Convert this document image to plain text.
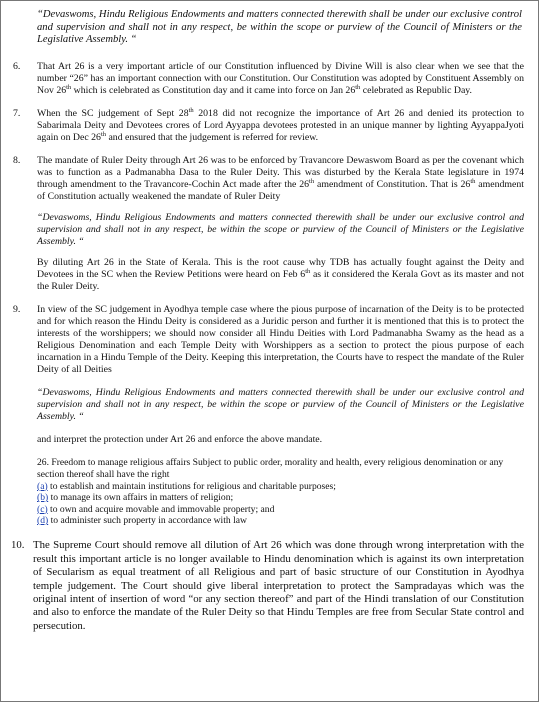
“Devaswoms, Hindu Religious Endowments and matters connected therewith shall be under our exclusive control and supervision and shall not in any respect, be within the scope or purview of the Council of Ministers or the Legislative Assembly. “

6.	That Art 26 is a very important article of our Constitution influenced by Divine Will is also clear when we see that the number “26” has an important connection with our Constitution. Our Constitution was adopted by Constituent Assembly on Nov 26th which is celebrated as Constitution day and it came into force on Jan 26th celebrated as Republic Day.

7.	When the SC judgement of Sept 28th 2018 did not recognize the importance of Art 26 and denied its protection to Sabarimala Deity and Devotees crores of Lord Ayyappa devotees protested in an unique manner by lighting AyyappaJyoti again on Dec 26th and ensured that the judgement is referred for review.

8.	The mandate of Ruler Deity through Art 26 was to be enforced by Travancore Dewaswom Board as per the covenant which was to function as a Padmanabha Dasa to the Ruler Deity. This was disturbed by the Kerala State legislature in 1974 through amendment to the Travancore-Cochin Act made after the 26th amendment of Constitution. That is 26th amendment of Constitution actually weakened the mandate of Ruler Deity

“Devaswoms, Hindu Religious Endowments and matters connected therewith shall be under our exclusive control and supervision and shall not in any respect, be within the scope or purview of the Council of Ministers or the Legislative Assembly. “

By diluting Art 26 in the State of Kerala. This is the root cause why TDB has actually fought against the Deity and Devotees in the SC when the Review Petitions were heard on Feb 6th as it considered the Kerala Govt as its master and not the Ruler Deity.

9.	In view of the SC judgement in Ayodhya temple case where the pious purpose of incarnation of the Deity is to be protected and for which reason the Hindu Deity is considered as a Juridic person and further it is mentioned that this is to protect the interests of the worshippers; we should now consider all Hindu Deities with Lord Padmanabha Swamy as the head as a Religious Denomination and each Temple Deity with Worshippers as a section to protect the pious purpose of each incarnation in a Hindu Temple of the Deity. Keeping this interpretation, the Courts have to respect the mandate of the Ruler Deity of all Deities

“Devaswoms, Hindu Religious Endowments and matters connected therewith shall be under our exclusive control and supervision and shall not in any respect, be within the scope or purview of the Council of Ministers or the Legislative Assembly. “

and interpret the protection under Art 26 and enforce the above mandate.

26. Freedom to manage religious affairs Subject to public order, morality and health, every religious denomination or any section thereof shall have the right

(a) to establish and maintain institutions for religious and charitable purposes;

(b) to manage its own affairs in matters of religion;

(c) to own and acquire movable and immovable property; and

(d) to administer such property in accordance with law

10. The Supreme Court should remove all dilution of Art 26 which was done through wrong interpretation with the result this important article is no longer available to Hindu denomination which is against its own interpretation of Secularism as equal treatment of all Religious and part of basic structure of our Constitution in Ayodhya temple judgement. The Court should give liberal interpretation to protect the Sampradayas which was the original intent of insertion of word “or any section thereof” and part of the Hindi translation of our Constitution and also to enforce the mandate of the Ruler Deity so that Hindu Temples are free from Secular State control and persecution.
